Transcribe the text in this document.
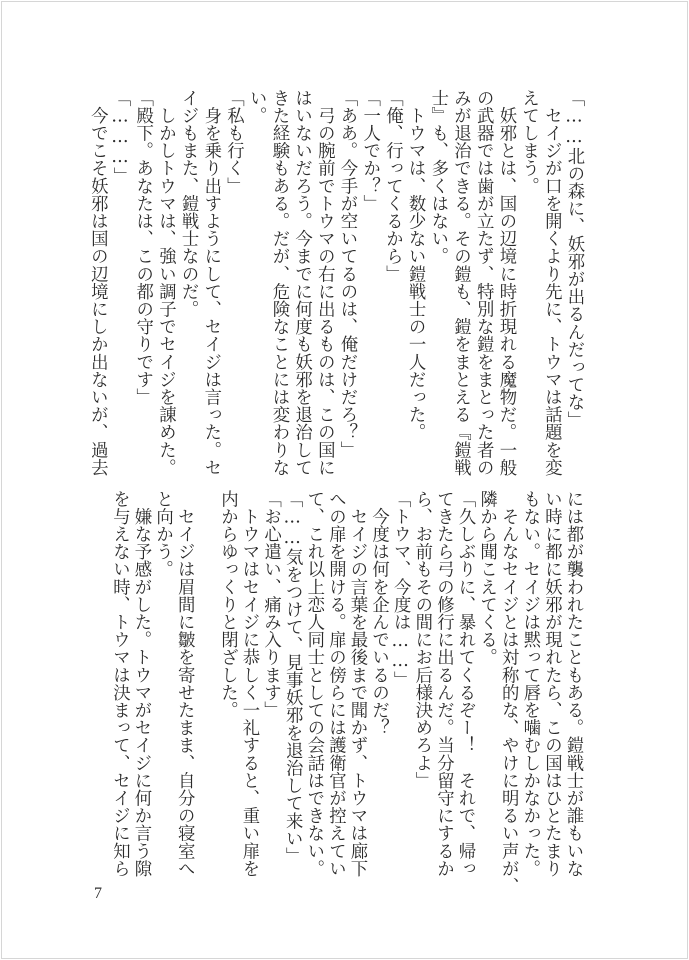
「……北の森に、妖邪が出るんだってな」
　セイジが口を開くより先に、トウマは話題を変
えてしまう。
　妖邪とは、国の辺境に時折現れる魔物だ。一般
の武器では歯が立たず、特別な鎧をまとった者の
みが退治できる。その鎧も、鎧をまとえる『鎧戦
士』も、多くはない。
　トウマは、数少ない鎧戦士の一人だった。
「俺、行ってくるから」
「一人でか？」
「ああ。今手が空いてるのは、俺だけだろ？」
　弓の腕前でトウマの右に出るものは、この国に
はいないだろう。今までに何度も妖邪を退治して
きた経験もある。だが、危険なことには変わりな
い。
「私も行く」
　身を乗り出すようにして、セイジは言った。セ
イジもまた、鎧戦士なのだ。
　しかしトウマは、強い調子でセイジを諌めた。
「殿下。あなたは、この都の守りです」
「………」
　今でこそ妖邪は国の辺境にしか出ないが、過去
には都が襲われたこともある。鎧戦士が誰もいな
い時に都に妖邪が現れたら、この国はひとたまり
もない。セイジは黙って唇を噛むしかなかった。
　そんなセイジとは対称的な、やけに明るい声が、
隣から聞こえてくる。
「久しぶりに、暴れてくるぞー！　それで、帰っ
てきたら弓の修行に出るんだ。当分留守にするか
ら、お前もその間にお后様決めろよ」
「トウマ、今度は……」
　今度は何を企んでいるのだ？
　セイジの言葉を最後まで聞かず、トウマは廊下
への扉を開ける。扉の傍らには護衛官が控えてい
て、これ以上恋人同士としての会話はできない。
「……気をつけて、見事妖邪を退治して来い」
「お心遣い、痛み入ります」
　トウマはセイジに恭しく一礼すると、重い扉を
内からゆっくりと閉ざした。
　セイジは眉間に皺を寄せたまま、自分の寝室へ
と向かう。
　嫌な予感がした。トウマがセイジに何か言う隙
を与えない時、トウマは決まって、セイジに知ら
7
